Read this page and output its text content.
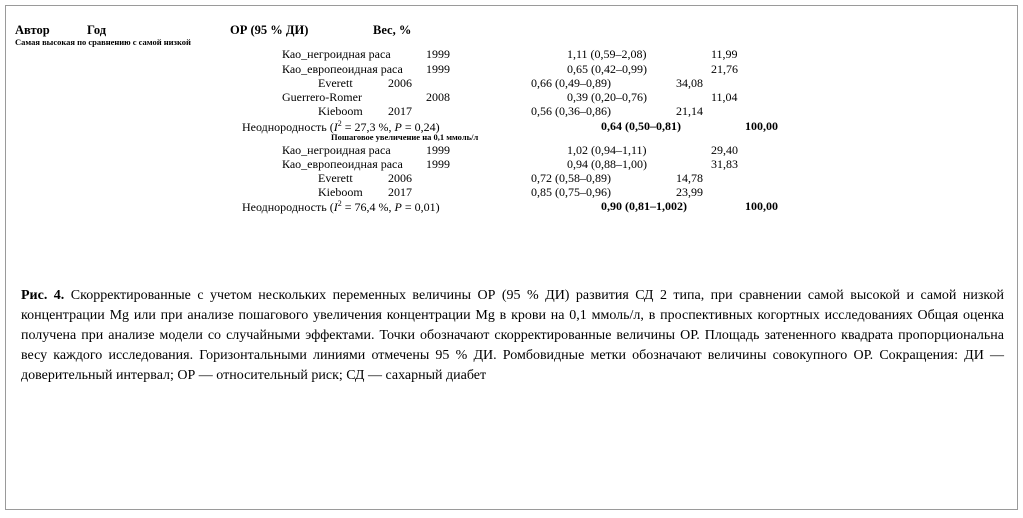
Автор	Год	ОР (95 % ДИ)	Вес, %
Самая высокая по сравнению с самой низкой
Као_негроидная раса	1999	1,11 (0,59–2,08)	11,99
Као_европеоидная раса 1999	0,65 (0,42–0,99)	21,76
Everett	2006	0,66 (0,49–0,89)	34,08
Guerrero-Romer	2008	0,39 (0,20–0,76)	11,04
Kieboom 2017	0,56 (0,36–0,86)	21,14
Неоднородность ($I^2 = 27,3$ %, P = 0,24)	0,64 (0,50–0,81)	100,00
Пошаговое увеличение на 0,1 ммоль/л
Као_негроидная раса	1999	1,02 (0,94–1,11)	29,40
Као_европеоидная раса 1999	0,94 (0,88–1,00)	31,83
Everett	2006	0,72 (0,58–0,89)	14,78
Kieboom 2017	0,85 (0,75–0,96)	23,99
Неоднородность ($I^2 = 76,4$ %, P = 0,01)	0,90 (0,81–1,002)	100,00
Рис. 4. Скорректированные с учетом нескольких переменных величины ОР (95 % ДИ) развития СД 2 типа, при сравнении самой высокой и самой низкой концентрации Mg или при анализе пошагового увеличения концентрации Mg в крови на 0,1 ммоль/л, в проспективных когортных исследованиях Общая оценка получена при анализе модели со случайными эффектами. Точки обозначают скорректированные величины ОР. Площадь затененного квадрата пропорциональна весу каждого исследования. Горизонтальными линиями отмечены 95 % ДИ. Ромбовидные метки обозначают величины совокупного ОР. Сокращения: ДИ — доверительный интервал; ОР — относительный риск; СД — сахарный диабет
